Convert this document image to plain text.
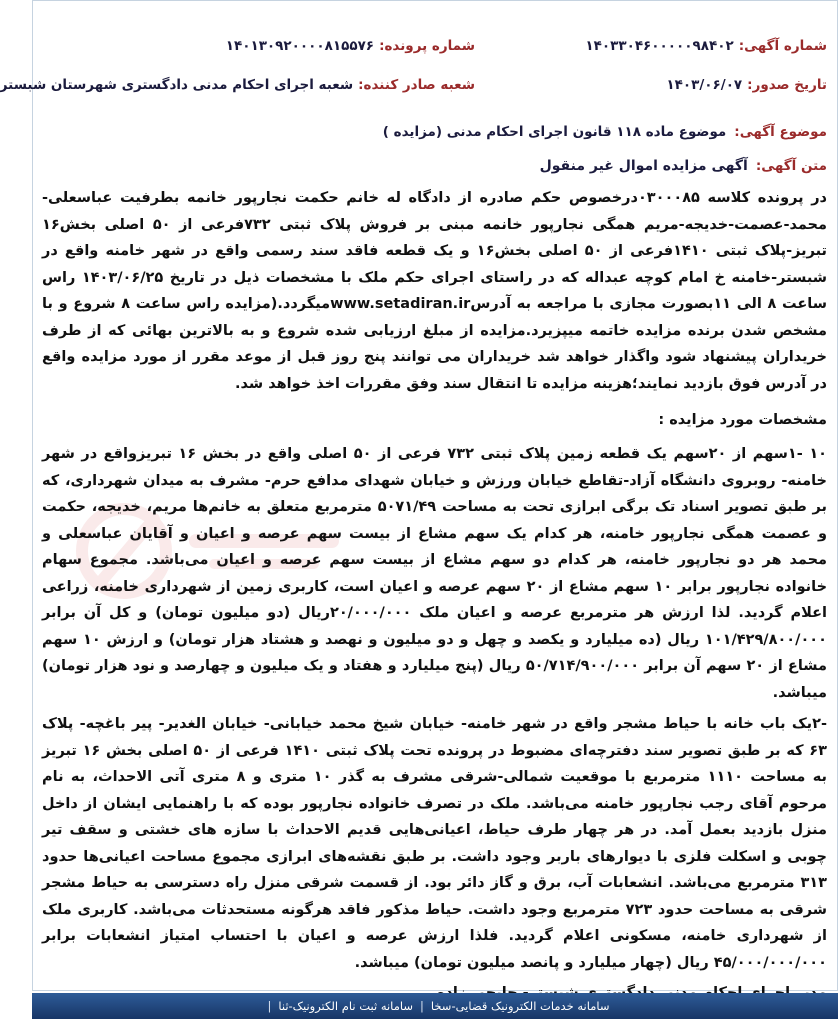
شماره آگهی:۱۴۰۳۳۰۴۶۰۰۰۰۰۹۸۴۰۲
شماره پرونده:۱۴۰۱۳۰۹۲۰۰۰۰۸۱۵۵۷۶
تاریخ صدور:۱۴۰۳/۰۶/۰۷
شعبه صادر کننده:شعبه اجرای احکام مدنی دادگستری شهرستان شبستر
موضوع آگهی:موضوع ماده ۱۱۸ قانون اجرای احکام مدنی (مزایده )
متن آگهی:آگهی مزایده اموال غیر منقول

در پرونده کلاسه ۰۳۰۰۰۸۵درخصوص حکم صادره از دادگاه له خانم حکمت نجارپور خانمه بطرفیت عباسعلی-محمد-عصمت-خدیجه-مریم همگی نجارپور خانمه مبنی بر فروش پلاک ثبتی ۷۳۲فرعی از ۵۰ اصلی بخش۱۶ تبریز-پلاک ثبتی ۱۴۱۰فرعی از ۵۰ اصلی بخش۱۶ و یک قطعه فاقد سند رسمی واقع در شهر خامنه واقع در شبستر-خامنه خ امام کوچه عبداله که در راستای اجرای حکم ملک با مشخصات ذیل در تاریخ ۱۴۰۳/۰۶/۲۵ راس ساعت ۸ الی ۱۱بصورت مجازی با مراجعه به آدرسwww.setadiran.irمیگردد.(مزایده راس ساعت ۸ شروع و با مشخص شدن برنده مزایده خاتمه میپزیرد.مزایده از مبلغ ارزیابی شده شروع و به بالاترین بهائی که از طرف خریداران پیشنهاد شود واگذار خواهد شد خریداران می توانند پنج روز قبل از موعد مقرر از مورد مزایده واقع در آدرس فوق بازدید نمایند؛هزینه مزایده تا انتقال سند وفق مقررات اخذ خواهد شد.

مشخصات مورد مزایده :

۱۰ -۱سهم از ۲۰سهم یک قطعه زمین پلاک ثبتی ۷۳۲ فرعی از ۵۰ اصلی واقع در بخش ۱۶ تبریزواقع در شهر خامنه- روبروی دانشگاه آزاد-تقاطع خیابان ورزش و خیابان شهدای مدافع حرم- مشرف به میدان شهرداری، که بر طبق تصویر اسناد تک برگی ابرازی تحت به مساحت ۵۰۷۱/۴۹ مترمربع متعلق به خانم‌ها مریم، خدیجه، حکمت و عصمت همگی نجارپور خامنه، هر کدام یک سهم مشاع از بیست سهم عرصه و اعیان و آقایان عباسعلی و محمد هر دو نجارپور خامنه، هر کدام دو سهم مشاع از بیست سهم عرصه و اعیان می‌باشد. مجموع سهام خانواده نجارپور برابر ۱۰ سهم مشاع از ۲۰ سهم عرصه و اعیان است، کاربری زمین از شهرداری خامنه، زراعی اعلام گردید. لذا ارزش هر مترمربع عرصه و اعیان ملک ۲۰/۰۰۰/۰۰۰ریال (دو میلیون تومان) و کل آن برابر ۱۰۱/۴۲۹/۸۰۰/۰۰۰ ریال (ده میلیارد و یکصد و چهل و دو میلیون و نهصد و هشتاد هزار تومان) و ارزش ۱۰ سهم مشاع از ۲۰ سهم آن برابر ۵۰/۷۱۴/۹۰۰/۰۰۰ ریال (پنج میلیارد و هفتاد و یک میلیون و چهارصد و نود هزار تومان) میباشد.

-۲یک باب خانه با حیاط مشجر واقع در شهر خامنه- خیابان شیخ محمد خیابانی- خیابان الغدیر- پیر باغچه- پلاک ۶۳ که بر طبق تصویر سند دفترچه‌ای مضبوط در پرونده تحت پلاک ثبتی ۱۴۱۰ فرعی از ۵۰ اصلی بخش ۱۶ تبریز به مساحت ۱۱۱۰ مترمربع با موقعیت شمالی-شرقی مشرف به گذر ۱۰ متری و ۸ متری آتی الاحداث، به نام مرحوم آقای رجب نجارپور خامنه می‌باشد. ملک در تصرف خانواده نجارپور بوده که با راهنمایی ایشان از داخل منزل بازدید بعمل آمد. در هر چهار طرف حیاط، اعیانی‌هایی قدیم الاحداث با سازه های خشتی و سقف تیر چوبی و اسکلت فلزی با دیوارهای باربر وجود داشت. بر طبق نقشه‌های ابرازی مجموع مساحت اعیانی‌ها حدود ۳۱۳ مترمربع می‌باشد. انشعابات آب، برق و گاز دائر بود. از قسمت شرقی منزل راه دسترسی به حیاط مشجر شرقی به مساحت حدود ۷۲۳ مترمربع وجود داشت. حیاط مذکور فاقد هرگونه مستحدثات می‌باشد. کاربری ملک از شهرداری خامنه، مسکونی اعلام گردید. فلذا ارزش عرصه و اعیان با احتساب امتیاز انشعابات برابر ۴۵/۰۰۰/۰۰۰/۰۰۰ ریال (چهار میلیارد و پانصد میلیون تومان) میباشد.

سامانه خدمات الکترونیک قضایی-سخا
|
سامانه ثبت نام الکترونیک-ثنا
|
